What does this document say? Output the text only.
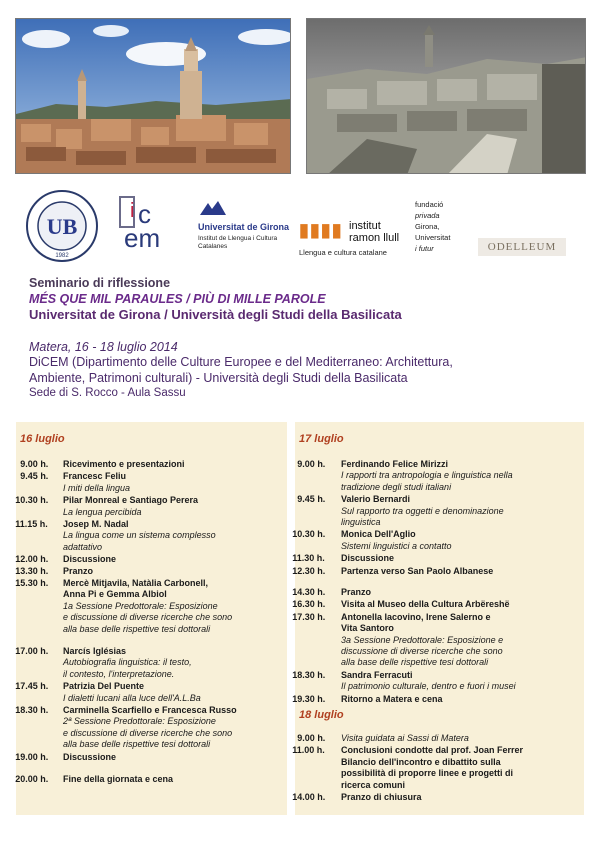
UB
1982
c
em
i
Universitat de Girona
Institut de Llengua i Cultura Catalanes
▮▮▮▮ institut
ramon llull
Llengua e cultura catalane
fundació
privada
Girona,
Universitat
i futur	ODELLEUM
Seminario di riflessione
MÉS QUE MIL PARAULES / PIÙ DI MILLE PAROLE
Universitat de Girona / Università degli Studi della Basilicata
Matera, 16 - 18 luglio 2014
DiCEM (Dipartimento delle Culture Europee e del Mediterraneo: Architettura,
Ambiente, Patrimoni culturali) - Università degli Studi della Basilicata
Sede di S. Rocco - Aula Sassu
16 luglio
9.00 h. Ricevimento e presentazioni
9.45 h. Francesc Feliu
I miti della lingua
10.30 h. Pilar Monreal e Santiago Perera
La lengua percibida
11.15 h. Josep M. Nadal
La lingua come un sistema complesso
adattativo
12.00 h. Discussione
13.30 h. Pranzo
15.30 h. Mercè Mitjavila, Natàlia Carbonell,
Anna Pi e Gemma Albiol
1a Sessione Predottorale: Esposizione
e discussione di diverse ricerche che sono
alla base delle rispettive tesi dottorali
17.00 h. Narcís Iglésias
Autobiografia linguistica: il testo,
il contesto, l'interpretazione.
17.45 h. Patrizia Del Puente
I dialetti lucani alla luce dell'A.L.Ba
18.30 h. Carminella Scarfiello e Francesca Russo
2ª Sessione Predottorale: Esposizione
e discussione di diverse ricerche che sono
alla base delle rispettive tesi dottorali
19.00 h. Discussione
20.00 h. Fine della giornata e cena
17 luglio
9.00 h. Ferdinando Felice Mirizzi
I rapporti tra antropologia e linguistica nella
tradizione degli studi italiani
9.45 h. Valerio Bernardi
Sul rapporto tra oggetti e denominazione
linguistica
10.30 h. Monica Dell'Aglio
Sistemi linguistici a contatto
11.30 h. Discussione
12.30 h. Partenza verso San Paolo Albanese
14.30 h. Pranzo
16.30 h. Visita al Museo della Cultura Arbëreshë
17.30 h. Antonella Iacovino, Irene Salerno e
Vita Santoro
3a Sessione Predottorale: Esposizione e
discussione di diverse ricerche che sono
alla base delle rispettive tesi dottorali
18.30 h. Sandra Ferracuti
Il patrimonio culturale, dentro e fuori i musei
19.30 h. Ritorno a Matera e cena
18 luglio
9.00 h. Visita guidata ai Sassi di Matera
11.00 h. Conclusioni condotte dal prof. Joan Ferrer
Bilancio dell'incontro e dibattito sulla
possibilità di proporre linee e progetti di
ricerca comuni
14.00 h. Pranzo di chiusura
